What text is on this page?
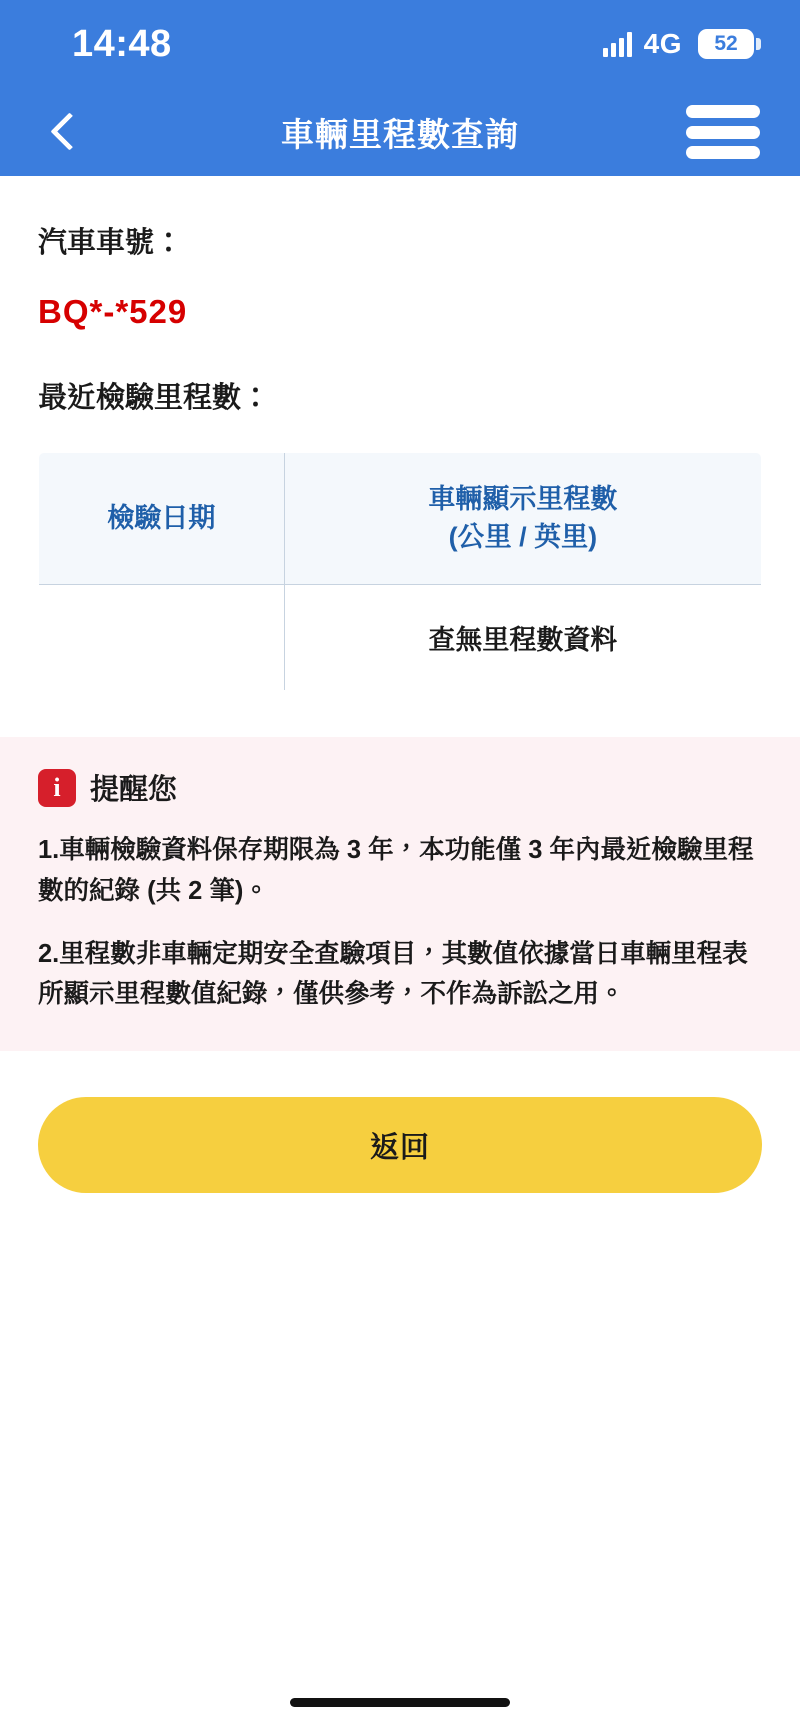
14:48	4G 52
車輛里程數查詢
汽車車號：
BQ*-*529
最近檢驗里程數：
檢驗日期	車輛顯示里程數
(公里 / 英里)
	查無里程數資料
i	提醒您
1.車輛檢驗資料保存期限為 3 年，本功能僅 3 年內最近檢驗里程數的紀錄 (共 2 筆)。
2.里程數非車輛定期安全查驗項目，其數值依據當日車輛里程表所顯示里程數值紀錄，僅供參考，不作為訴訟之用。
返回
